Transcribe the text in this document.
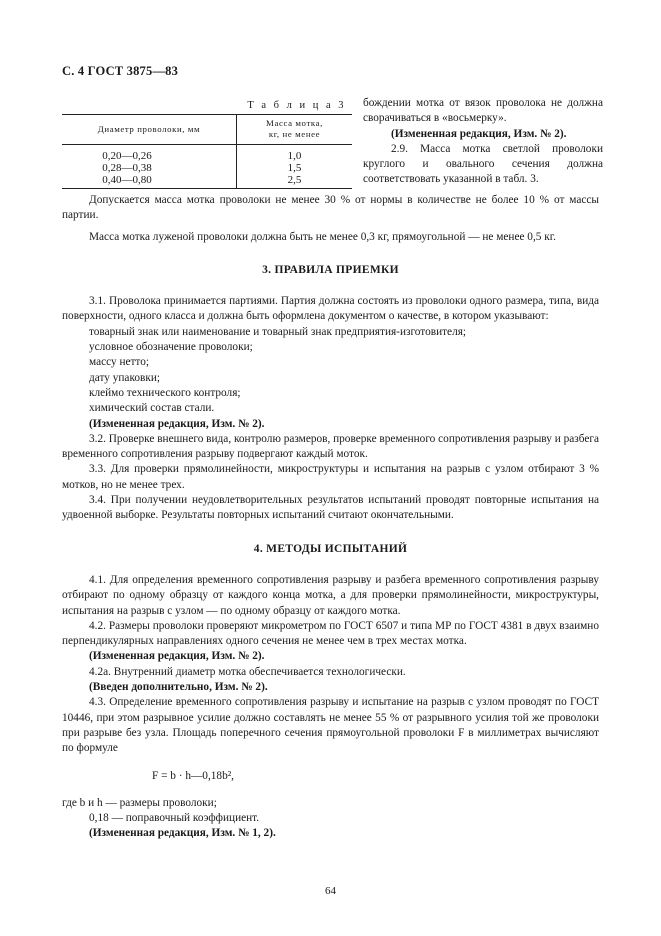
С. 4 ГОСТ 3875—83
Т а б л и ц а 3
Диаметр проволоки, мм	Масса мотка,
кг, не менее
0,20—0,26	1,0
0,28—0,38	1,5
0,40—0,80	2,5

бождении мотка от вязок проволока не должна сворачиваться в «восьмерку».

(Измененная редакция, Изм. № 2).

2.9. Масса мотка светлой проволоки круглого и овального сечения должна соответствовать указанной в табл. 3.

Допускается масса мотка проволоки не менее 30 % от нормы в количестве не более 10 % от массы партии.

Масса мотка луженой проволоки должна быть не менее 0,3 кг, прямоугольной — не менее 0,5 кг.

3. ПРАВИЛА ПРИЕМКИ

3.1. Проволока принимается партиями. Партия должна состоять из проволоки одного размера, типа, вида поверхности, одного класса и должна быть оформлена документом о качестве, в котором указывают:

товарный знак или наименование и товарный знак предприятия-изготовителя;

условное обозначение проволоки;

массу нетто;

дату упаковки;

клеймо технического контроля;

химический состав стали.

(Измененная редакция, Изм. № 2).

3.2. Проверке внешнего вида, контролю размеров, проверке временного сопротивления разрыву и разбега временного сопротивления разрыву подвергают каждый моток.

3.3. Для проверки прямолинейности, микроструктуры и испытания на разрыв с узлом отбирают 3 % мотков, но не менее трех.

3.4. При получении неудовлетворительных результатов испытаний проводят повторные испытания на удвоенной выборке. Результаты повторных испытаний считают окончательными.

4. МЕТОДЫ ИСПЫТАНИЙ

4.1. Для определения временного сопротивления разрыву и разбега временного сопротивления разрыву отбирают по одному образцу от каждого конца мотка, а для проверки прямолинейности, микроструктуры, испытания на разрыв с узлом — по одному образцу от каждого мотка.

4.2. Размеры проволоки проверяют микрометром по ГОСТ 6507 и типа МР по ГОСТ 4381 в двух взаимно перпендикулярных направлениях одного сечения не менее чем в трех местах мотка.

(Измененная редакция, Изм. № 2).

4.2а. Внутренний диаметр мотка обеспечивается технологически.

(Введен дополнительно, Изм. № 2).

4.3. Определение временного сопротивления разрыву и испытание на разрыв с узлом проводят по ГОСТ 10446, при этом разрывное усилие должно составлять не менее 55 % от разрывного усилия той же проволоки при разрыве без узла. Площадь поперечного сечения прямоугольной проволоки F в миллиметрах вычисляют по формуле

F = b · h—0,18b²,

где b и h — размеры проволоки;

0,18 — поправочный коэффициент.

(Измененная редакция, Изм. № 1, 2).

64
